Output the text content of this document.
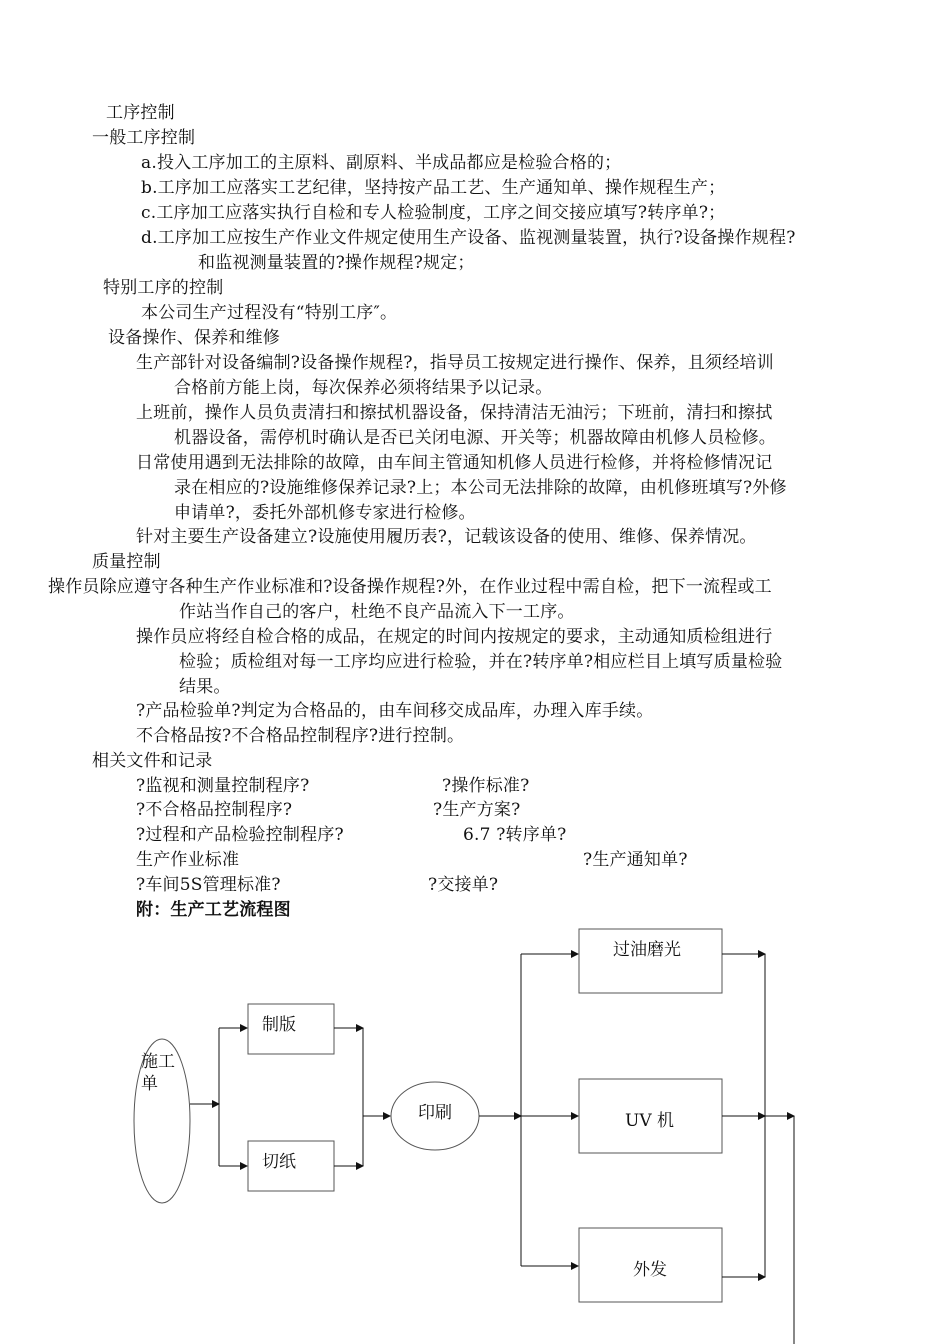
工序控制
一般工序控制
a.投入工序加工的主原料、副原料、半成品都应是检验合格的；
b.工序加工应落实工艺纪律，坚持按产品工艺、生产通知单、操作规程生产；
c.工序加工应落实执行自检和专人检验制度，工序之间交接应填写?转序单?；
d.工序加工应按生产作业文件规定使用生产设备、监视测量装置，执行?设备操作规程?
和监视测量装置的?操作规程?规定；
特别工序的控制
本公司生产过程没有“特别工序″。
设备操作、保养和维修
生产部针对设备编制?设备操作规程?，指导员工按规定进行操作、保养，且须经培训
合格前方能上岗，每次保养必须将结果予以记录。
上班前，操作人员负责清扫和擦拭机器设备，保持清洁无油污；下班前，清扫和擦拭
机器设备，需停机时确认是否已关闭电源、开关等；机器故障由机修人员检修。
日常使用遇到无法排除的故障，由车间主管通知机修人员进行检修，并将检修情况记
录在相应的?设施维修保养记录?上；本公司无法排除的故障，由机修班填写?外修
申请单?，委托外部机修专家进行检修。
针对主要生产设备建立?设施使用履历表?，记载该设备的使用、维修、保养情况。
质量控制
操作员除应遵守各种生产作业标准和?设备操作规程?外，在作业过程中需自检，把下一流程或工
作站当作自己的客户，杜绝不良产品流入下一工序。
操作员应将经自检合格的成品，在规定的时间内按规定的要求，主动通知质检组进行
检验；质检组对每一工序均应进行检验，并在?转序单?相应栏目上填写质量检验
结果。
?产品检验单?判定为合格品的，由车间移交成品库，办理入库手续。
不合格品按?不合格品控制程序?进行控制。
相关文件和记录
?监视和测量控制程序?	?操作标准?
?不合格品控制程序?	?生产方案?
?过程和产品检验控制程序?	6.7 ?转序单?
生产作业标准	?生产通知单?
?车间5S管理标准?	?交接单?
附：生产工艺流程图
施工
单
制版
切纸
印刷
过油磨光
UV 机
外发
